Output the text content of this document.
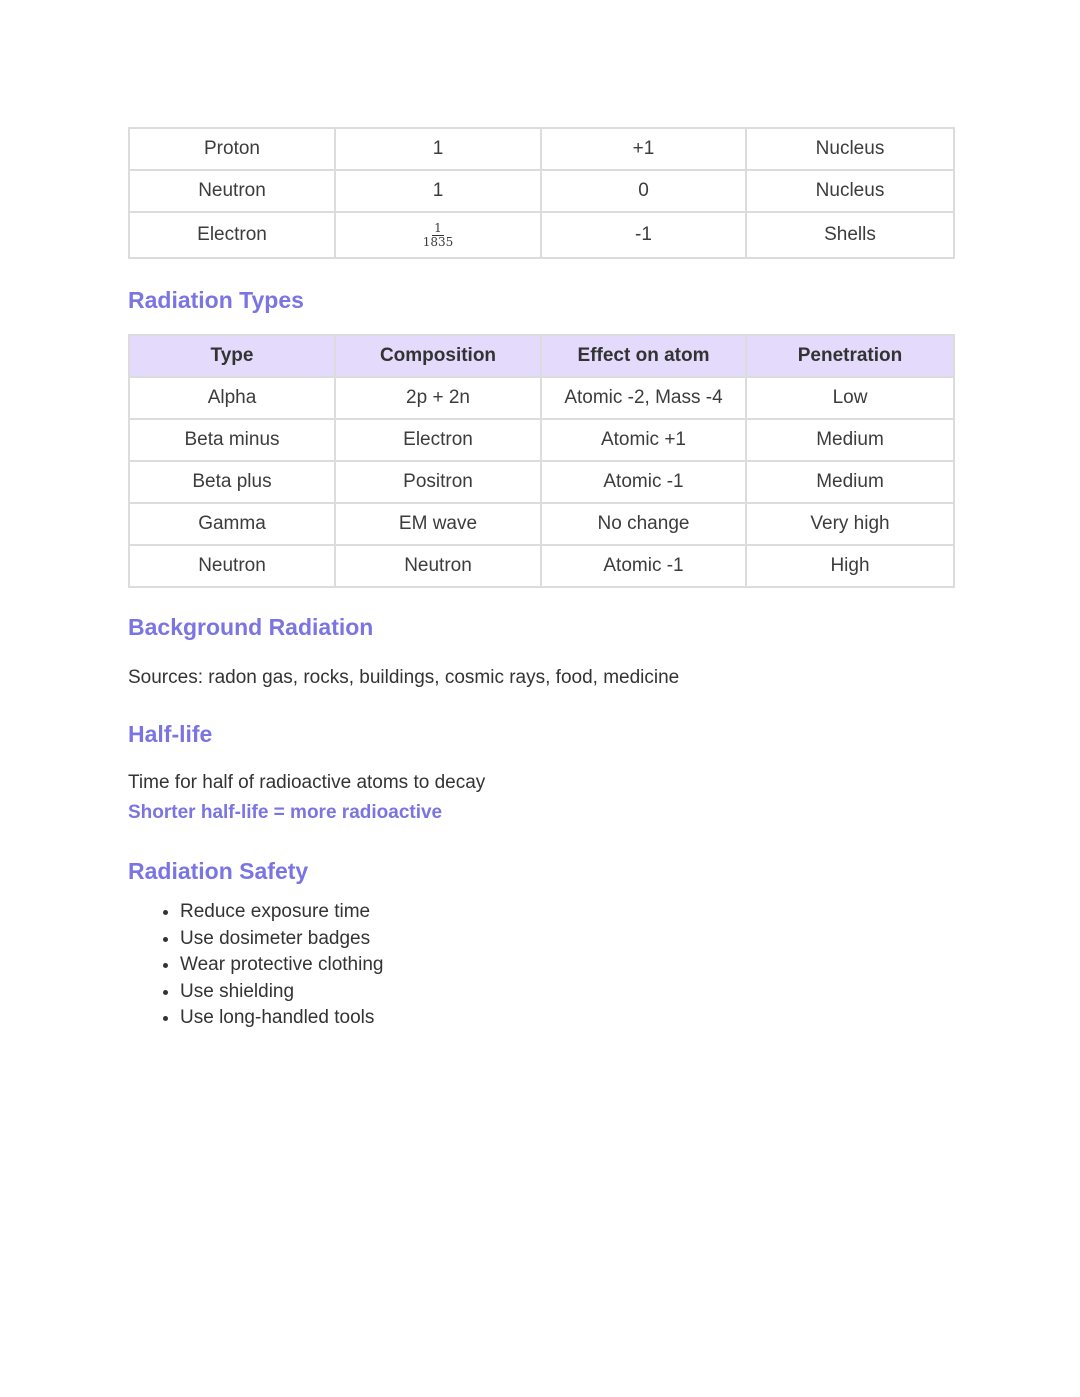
Proton	1	+1	Nucleus
Neutron	1	0	Nucleus
Electron	$\frac{1}{1835}$	-1	Shells
Radiation Types
Type	Composition	Effect on atom	Penetration
Alpha	2p + 2n	Atomic -2, Mass -4	Low
Beta minus	Electron	Atomic +1	Medium
Beta plus	Positron	Atomic -1	Medium
Gamma	EM wave	No change	Very high
Neutron	Neutron	Atomic -1	High
Background Radiation

Sources: radon gas, rocks, buildings, cosmic rays, food, medicine

Half-life

Time for half of radioactive atoms to decay

Shorter half-life = more radioactive

Radiation Safety
• Reduce exposure time
• Use dosimeter badges
• Wear protective clothing
• Use shielding
• Use long-handled tools
